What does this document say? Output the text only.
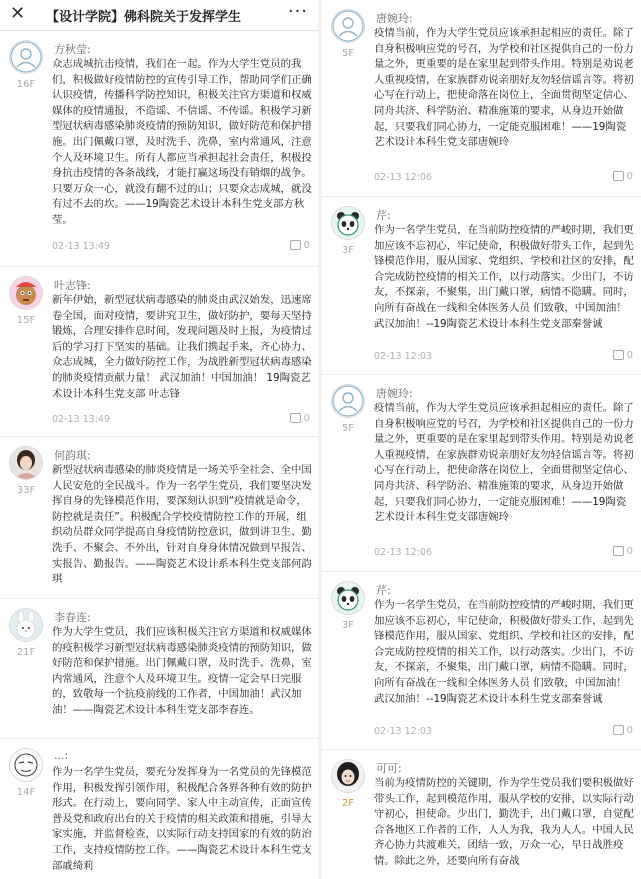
✕ 【设计学院】佛科院关于发挥学生	···
16F
方秋莹:
众志成城抗击疫情，我们在一起。作为大学生党员的我们，积极做好疫情防控的宣传引导工作，帮助同学们正确认识疫情，传播科学防控知识，积极关注官方渠道和权威媒体的疫情通报，不造谣、不信谣、不传谣。积极学习新型冠状病毒感染肺炎疫情的预防知识，做好防范和保护措施。出门佩戴口罩，及时洗手、洗鼻，室内常通风，注意个人及环境卫生。所有人都应当承担起社会责任，积极投身抗击疫情的各条战线，才能打赢这场没有销烟的战争。只要万众一心，就没有翻不过的山；只要众志成城，就没有过不去的坎。——19陶瓷艺术设计本科生党支部方秋莹。
02-13 13:49	0
15F
叶志锋:
新年伊始，新型冠状病毒感染的肺炎由武汉始发，迅速席卷全国，面对疫情，要讲究卫生，做好防护，要每天坚持锻炼，合理安排作息时间，发现问题及时上报，为疫情过后的学习打下坚实的基础。让我们携起手来，齐心协力、众志成城，全力做好防控工作，为战胜新型冠状病毒感染的肺炎疫情贡献力量！ 武汉加油！中国加油！ 19陶瓷艺术设计本科生党支部 叶志锋
02-13 13:49	0
33F
何韵琪:
新型冠状病毒感染的肺炎疫情是一场关乎全社会、全中国人民安危的全民战斗。作为一名学生党员，我们要坚决发挥自身的先锋模范作用，要深刻认识到“疫情就是命令，防控就是责任”。积极配合学校疫情防控工作的开展，组织动员群众同学提高自身疫情防控意识，做到讲卫生、勤洗手、不聚会、不外出，针对自身身体情况做到早报告、实报告、勤报告。——陶瓷艺术设计系本科生党支部何韵琪
21F
李春连:
作为大学生党员，我们应该积极关注官方渠道和权威媒体的疫积极学习新型冠状病毒感染肺炎疫情的预防知识，做好防范和保护措施。出门佩戴口罩，及时洗手、洗鼻，室内常通风，注意个人及环境卫生。疫情一定会早日完服的，致敬每一个抗疫前线的工作者，中国加油！武汉加油！——陶瓷艺术设计本科生党支部李春连。
14F
...:
作为一名学生党员，要充分发挥身为一名党员的先锋模范作用，积极发挥引领作用，积极配合各界各种有效的防护形式。在行动上，要向同学、家人中主动宣传，正面宣传普及党和政府出台的关于疫情的相关政策和措施，引导大家实施，并监督检查，以实际行动支持国家的有效的防治工作，支持疫情防控工作。——陶瓷艺术设计本科生党支部戚绮莉
5F
唐婉玲:
疫情当前，作为大学生党员应该承担起相应的责任。除了自身积极响应党的号召，为学校和社区提供自己的一份力量之外，更重要的是在家里起到带头作用。特别是劝说老人重视疫情，在家族群劝说亲朋好友勿轻信谣言等。将初心写在行动上，把使命落在岗位上，全面贯彻坚定信心、同舟共济、科学防治、精准施策的要求，从身边开始做起，只要我们同心协力，一定能克服困难！——19陶瓷艺术设计本科生党支部唐婉玲
02-13 12:06	0
3F
芹:
作为一名学生党员，在当前防控疫情的严峻时期，我们更加应该不忘初心，牢记使命，积极做好带头工作，起到先锋模范作用，服从国家、党组织、学校和社区的安排，配合完成防控疫情的相关工作，以行动落实。少出门，不访友，不探亲，不聚集，出门戴口罩，病情不隐瞒。同时，向所有奋战在一线和全体医务人员 们致敬，中国加油！武汉加油！--19陶瓷艺术设计本科生党支部秦誉诚
02-13 12:03	0
5F
唐婉玲:
疫情当前，作为大学生党员应该承担起相应的责任。除了自身积极响应党的号召，为学校和社区提供自己的一份力量之外，更重要的是在家里起到带头作用。特别是劝说老人重视疫情，在家族群劝说亲朋好友勿轻信谣言等。将初心写在行动上，把使命落在岗位上，全面贯彻坚定信心、同舟共济、科学防治、精准施策的要求，从身边开始做起，只要我们同心协力，一定能克服困难！——19陶瓷艺术设计本科生党支部唐婉玲
02-13 12:06	0
3F
芹:
作为一名学生党员，在当前防控疫情的严峻时期，我们更加应该不忘初心，牢记使命，积极做好带头工作，起到先锋模范作用，服从国家、党组织、学校和社区的安排，配合完成防控疫情的相关工作，以行动落实。少出门，不访友，不探亲，不聚集，出门戴口罩，病情不隐瞒。同时，向所有奋战在一线和全体医务人员 们致敬，中国加油！武汉加油！--19陶瓷艺术设计本科生党支部秦誉诚
02-13 12:03	0
2F
可可:
当前为疫情防控的关键期，作为学生党员我们要积极做好带头工作，起到模范作用，服从学校的安排，以实际行动守初心，担使命。少出门，勤洗手，出门戴口罩，自觉配合各地区工作者的工作，人人为我，我为人人。中国人民齐心协力共渡难关，团结一致，万众一心，早日战胜疫情。除此之外，还要向所有奋战
